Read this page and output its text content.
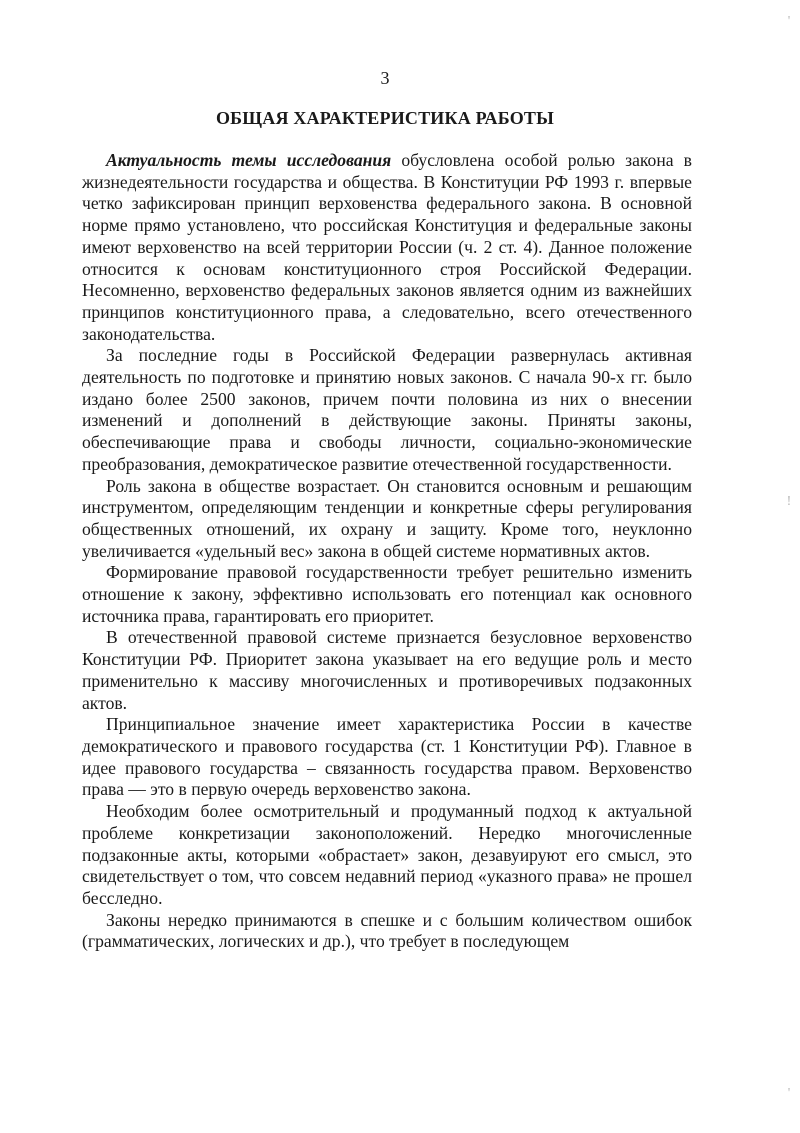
3
ОБЩАЯ ХАРАКТЕРИСТИКА РАБОТЫ

Актуальность темы исследования обусловлена особой ролью закона в жизнедеятельности государства и общества. В Конституции РФ 1993 г. впервые четко зафиксирован принцип верховенства федерального закона. В основной норме прямо установлено, что российская Конституция и федеральные законы имеют верховенство на всей территории России (ч. 2 ст. 4). Данное положение относится к основам конституционного строя Российской Федерации. Несомненно, верховенство федеральных законов является одним из важнейших принципов конституционного права, а следовательно, всего отечественного законодательства.

За последние годы в Российской Федерации развернулась активная деятельность по подготовке и принятию новых законов. С начала 90-х гг. было издано более 2500 законов, причем почти половина из них о внесении изменений и дополнений в действующие законы. Приняты законы, обеспечивающие права и свободы личности, социально-экономические преобразования, демократическое развитие отечественной государственности.

Роль закона в обществе возрастает. Он становится основным и решающим инструментом, определяющим тенденции и конкретные сферы регулирования общественных отношений, их охрану и защиту. Кроме того, неуклонно увеличивается «удельный вес» закона в общей системе нормативных актов.

Формирование правовой государственности требует решительно изменить отношение к закону, эффективно использовать его потенциал как основного источника права, гарантировать его приоритет.

В отечественной правовой системе признается безусловное верховенство Конституции РФ. Приоритет закона указывает на его ведущие роль и место применительно к массиву многочисленных и противоречивых подзаконных актов.

Принципиальное значение имеет характеристика России в качестве демократического и правового государства (ст. 1 Конституции РФ). Главное в идее правового государства – связанность государства правом. Верховенство права — это в первую очередь верховенство закона.

Необходим более осмотрительный и продуманный подход к актуальной проблеме конкретизации законоположений. Нередко многочисленные подзаконные акты, которыми «обрастает» закон, дезавуируют его смысл, это свидетельствует о том, что совсем недавний период «указного права» не прошел бесследно.

Законы нередко принимаются в спешке и с большим количеством ошибок (грамматических, логических и др.), что требует в последующем

'
!
'
